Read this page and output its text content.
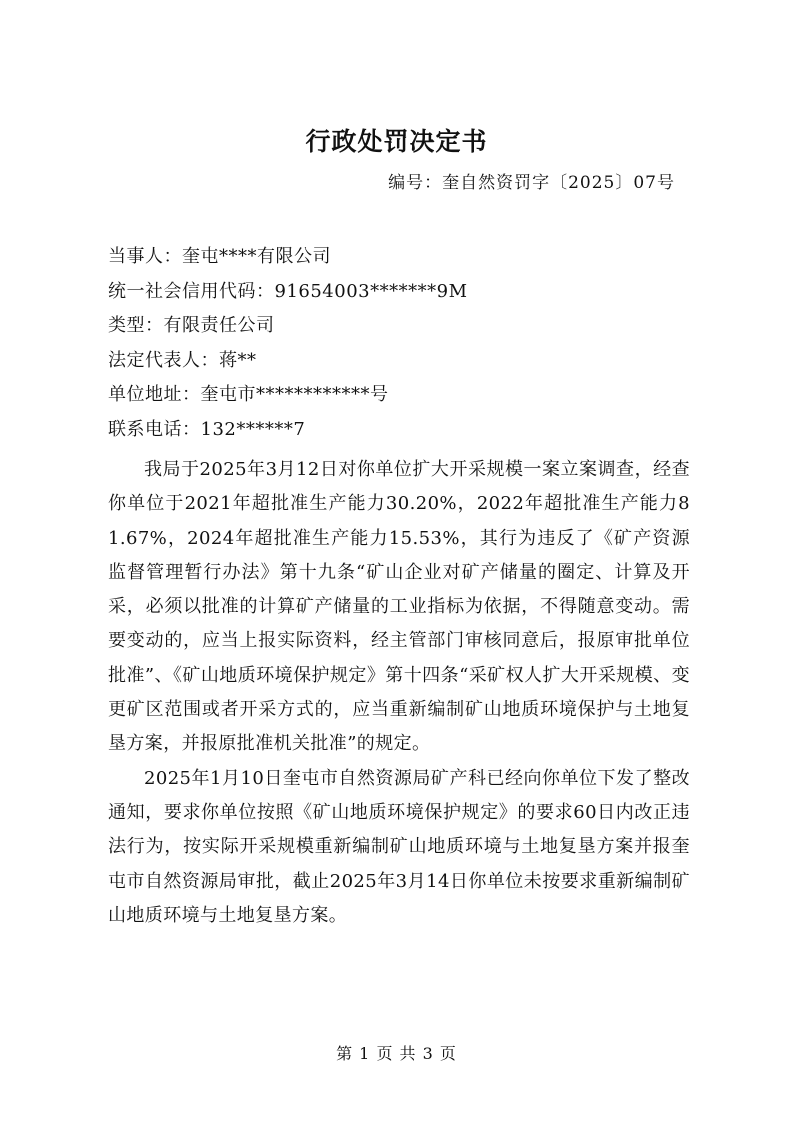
行政处罚决定书
编号：奎自然资罚字〔2025〕07号
当事人：奎屯****有限公司
统一社会信用代码：91654003*******9M
类型：有限责任公司
法定代表人：蒋**
单位地址：奎屯市************号
联系电话：132******7

我局于2025年3月12日对你单位扩大开采规模一案立案调查，经查你单位于2021年超批准生产能力30.20%，2022年超批准生产能力81.67%，2024年超批准生产能力15.53%，其行为违反了《矿产资源监督管理暂行办法》第十九条“矿山企业对矿产储量的圈定、计算及开采，必须以批准的计算矿产储量的工业指标为依据，不得随意变动。需要变动的，应当上报实际资料，经主管部门审核同意后，报原审批单位批准”、《矿山地质环境保护规定》第十四条“采矿权人扩大开采规模、变更矿区范围或者开采方式的，应当重新编制矿山地质环境保护与土地复垦方案，并报原批准机关批准”的规定。

2025年1月10日奎屯市自然资源局矿产科已经向你单位下发了整改通知，要求你单位按照《矿山地质环境保护规定》的要求60日内改正违法行为，按实际开采规模重新编制矿山地质环境与土地复垦方案并报奎屯市自然资源局审批，截止2025年3月14日你单位未按要求重新编制矿山地质环境与土地复垦方案。

第 1 页 共 3 页
